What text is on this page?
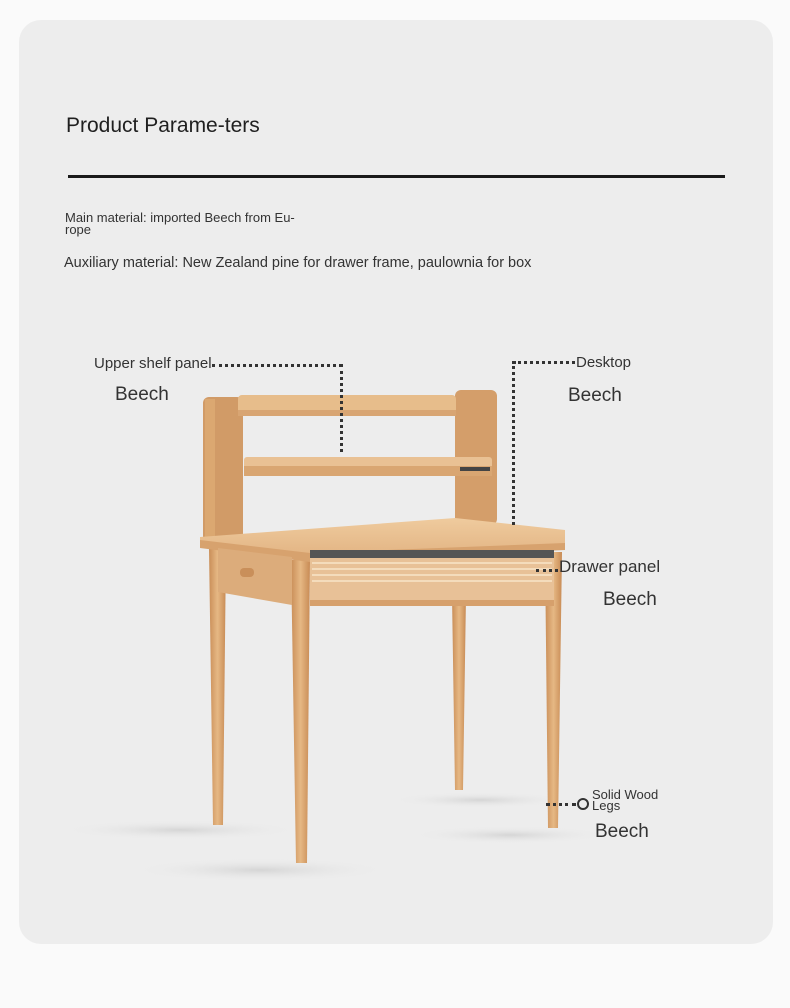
Product Parame-ters
Main material: imported Beech from Eu-rope
Auxiliary material: New Zealand pine for drawer frame, paulownia for box
Upper shelf panel
Beech
Desktop
Beech
Drawer panel
Beech
Solid Wood Legs
Beech
